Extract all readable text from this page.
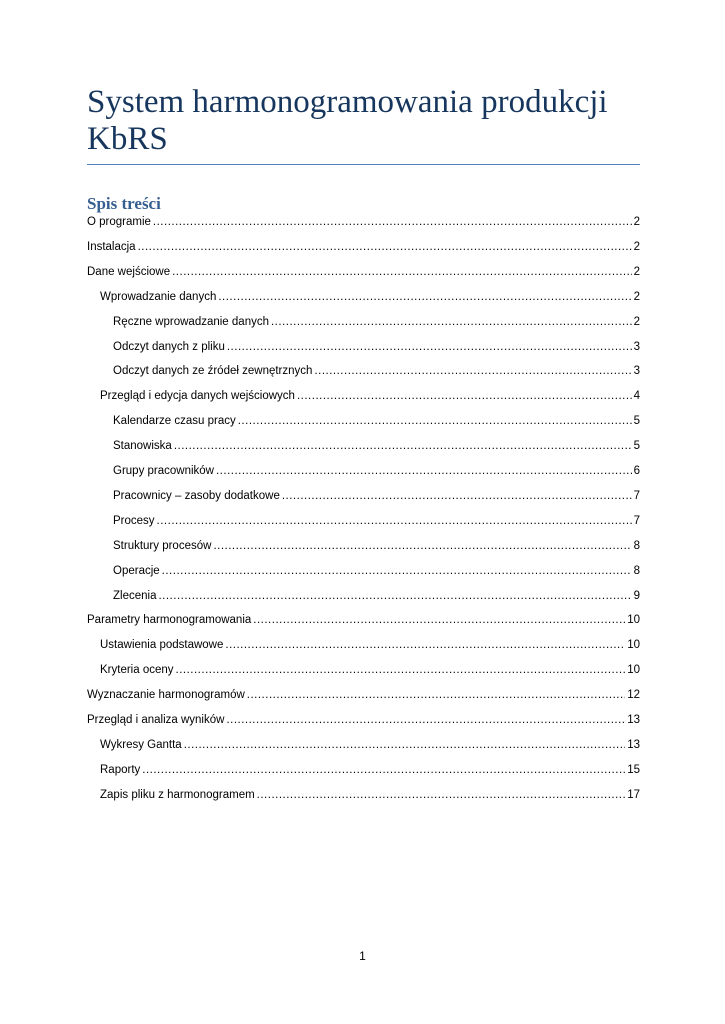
System harmonogramowania produkcji KbRS
Spis treści
O programie .....	2
Instalacja .....	2
Dane wejściowe .....	2
Wprowadzanie danych .....	2
Ręczne wprowadzanie danych .....	2
Odczyt danych z pliku .....	3
Odczyt danych ze źródeł zewnętrznych .....	3
Przegląd i edycja danych wejściowych .....	4
Kalendarze czasu pracy .....	5
Stanowiska .....	5
Grupy pracowników .....	6
Pracownicy – zasoby dodatkowe .....	7
Procesy .....	7
Struktury procesów .....	8
Operacje .....	8
Zlecenia .....	9
Parametry harmonogramowania .....	10
Ustawienia podstawowe .....	10
Kryteria oceny .....	10
Wyznaczanie harmonogramów .....	12
Przegląd i analiza wyników .....	13
Wykresy Gantta .....	13
Raporty .....	15
Zapis pliku z harmonogramem .....	17
1
